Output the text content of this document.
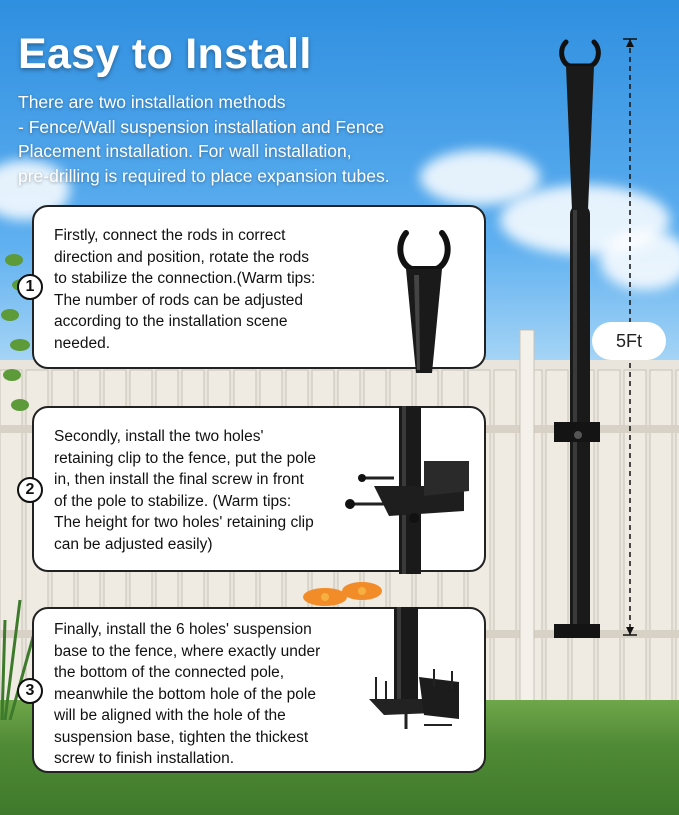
5Ft
Easy to Install
There are two installation methods
- Fence/Wall suspension installation and Fence
Placement installation. For wall installation,
pre-drilling is required to place expansion tubes.
Firstly, connect the rods in correct
direction and position, rotate the rods
to stabilize the connection.(Warm tips:
The number of rods can be adjusted
according to the installation scene
needed.
1
Secondly, install the two holes'
retaining clip to the fence, put the pole
in, then install the final screw in front
of the pole to stabilize. (Warm tips:
The height for two holes' retaining clip
can be adjusted easily)
2
Finally, install the 6 holes' suspension
base to the fence, where exactly under
the bottom of the connected pole,
meanwhile the bottom hole of the pole
will be aligned with the hole of the
suspension base, tighten the thickest
screw to finish installation.
3
